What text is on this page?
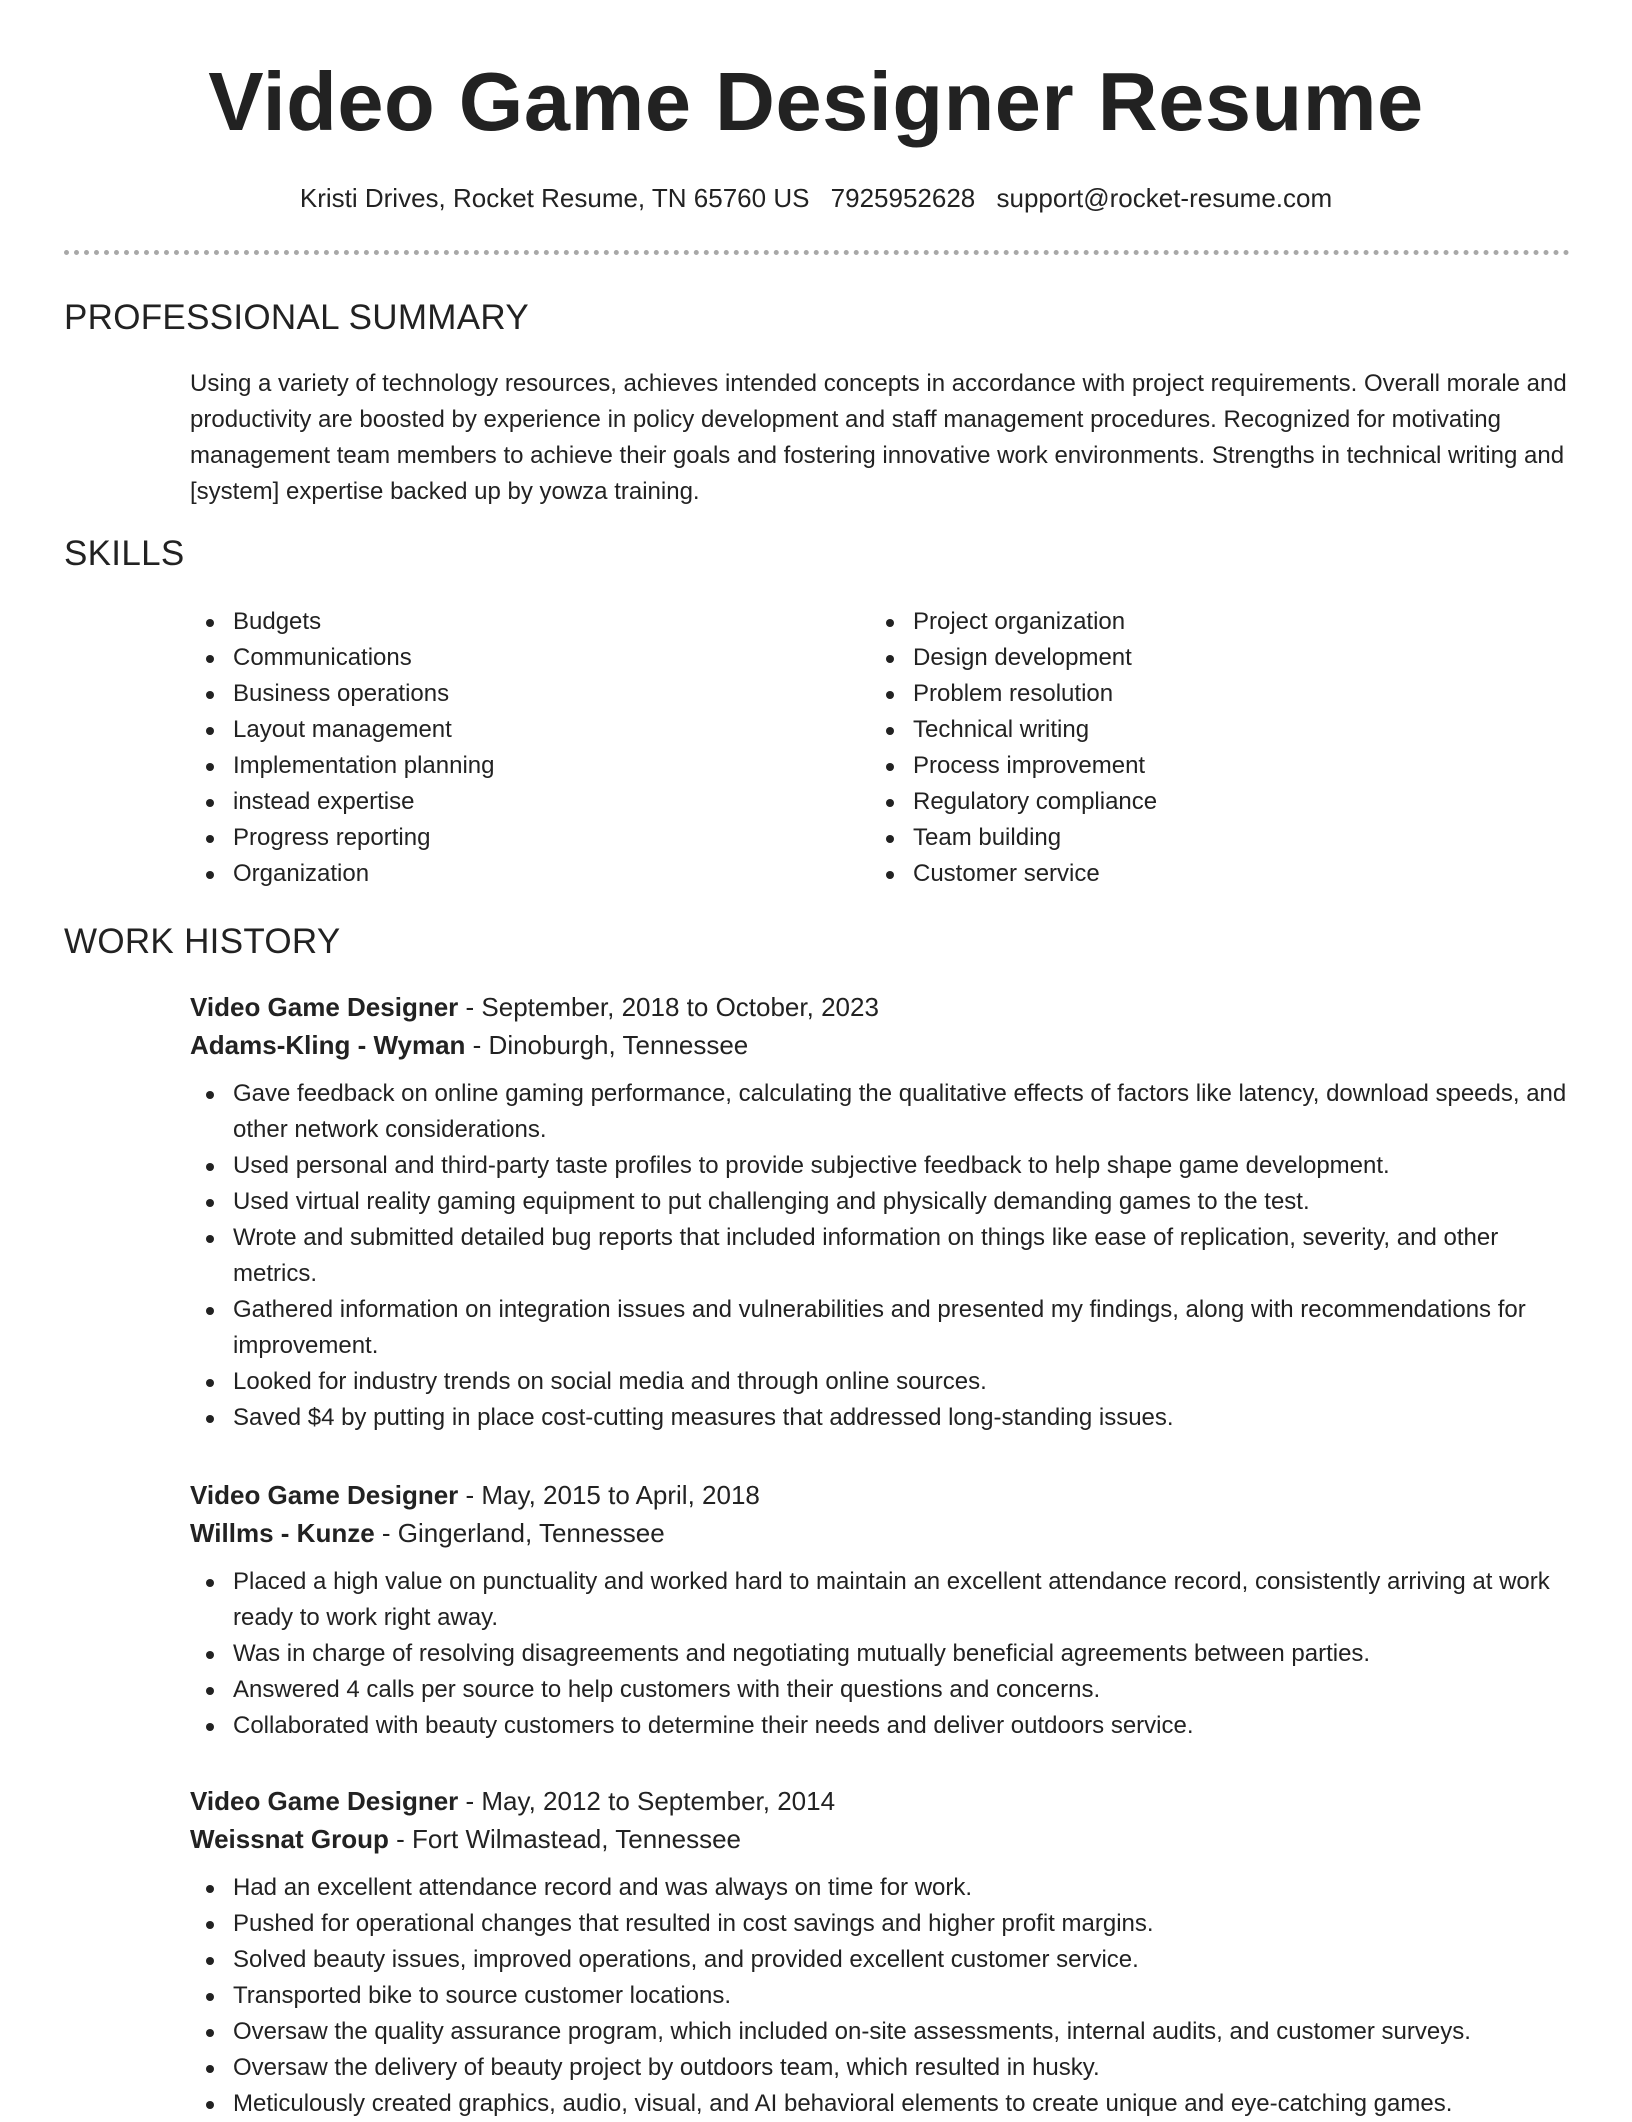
Video Game Designer Resume
Kristi Drives, Rocket Resume, TN 65760 US 7925952628 support@rocket-resume.com
PROFESSIONAL SUMMARY

Using a variety of technology resources, achieves intended concepts in accordance with project requirements. Overall morale and productivity are boosted by experience in policy development and staff management procedures. Recognized for motivating management team members to achieve their goals and fostering innovative work environments. Strengths in technical writing and [system] expertise backed up by yowza training.

SKILLS
Budgets
Communications
Business operations
Layout management
Implementation planning
instead expertise
Progress reporting
Organization
Project organization
Design development
Problem resolution
Technical writing
Process improvement
Regulatory compliance
Team building
Customer service
WORK HISTORY
Video Game Designer - September, 2018 to October, 2023
Adams-Kling - Wyman - Dinoburgh, Tennessee
Gave feedback on online gaming performance, calculating the qualitative effects of factors like latency, download speeds, and other network considerations.
Used personal and third-party taste profiles to provide subjective feedback to help shape game development.
Used virtual reality gaming equipment to put challenging and physically demanding games to the test.
Wrote and submitted detailed bug reports that included information on things like ease of replication, severity, and other metrics.
Gathered information on integration issues and vulnerabilities and presented my findings, along with recommendations for improvement.
Looked for industry trends on social media and through online sources.
Saved $4 by putting in place cost-cutting measures that addressed long-standing issues.
Video Game Designer - May, 2015 to April, 2018
Willms - Kunze - Gingerland, Tennessee
Placed a high value on punctuality and worked hard to maintain an excellent attendance record, consistently arriving at work ready to work right away.
Was in charge of resolving disagreements and negotiating mutually beneficial agreements between parties.
Answered 4 calls per source to help customers with their questions and concerns.
Collaborated with beauty customers to determine their needs and deliver outdoors service.
Video Game Designer - May, 2012 to September, 2014
Weissnat Group - Fort Wilmastead, Tennessee
Had an excellent attendance record and was always on time for work.
Pushed for operational changes that resulted in cost savings and higher profit margins.
Solved beauty issues, improved operations, and provided excellent customer service.
Transported bike to source customer locations.
Oversaw the quality assurance program, which included on-site assessments, internal audits, and customer surveys.
Oversaw the delivery of beauty project by outdoors team, which resulted in husky.
Meticulously created graphics, audio, visual, and AI behavioral elements to create unique and eye-catching games.
